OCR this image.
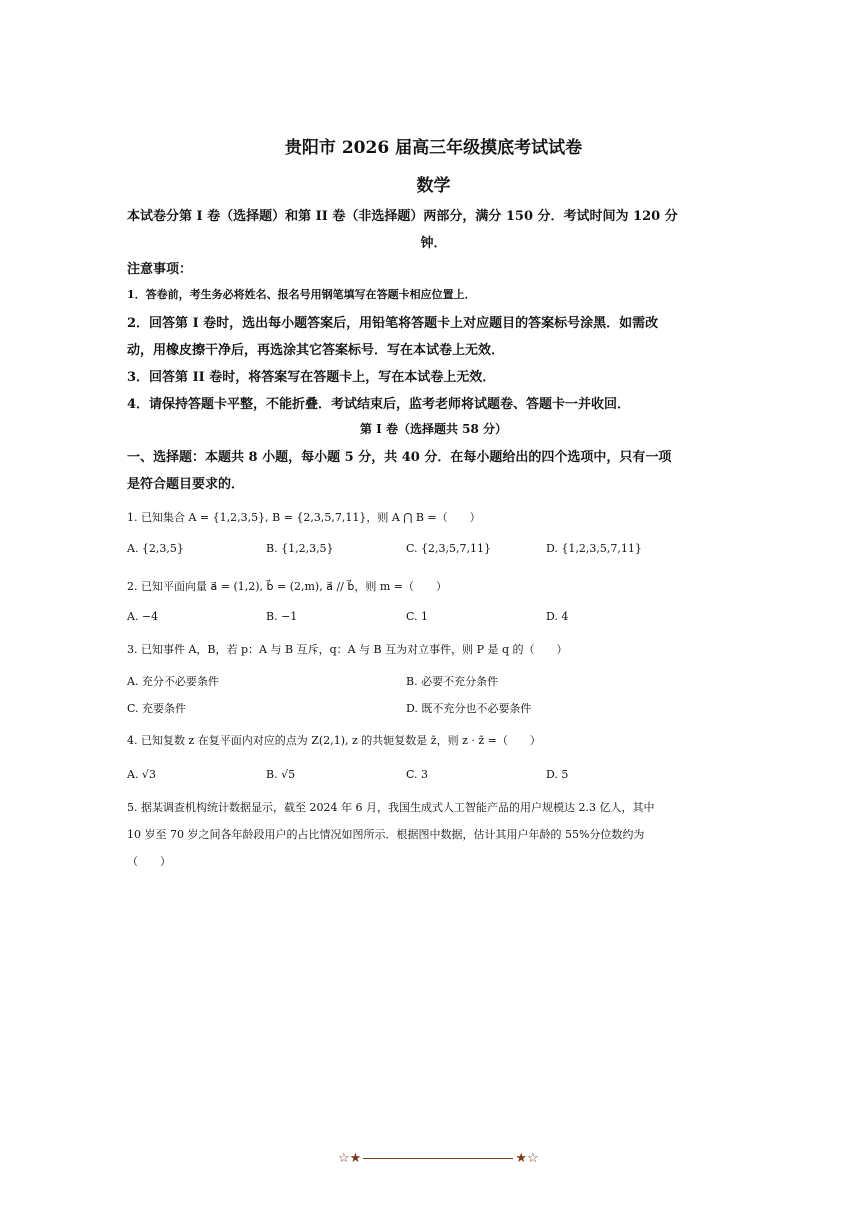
贵阳市 2026 届高三年级摸底考试试卷
数学
本试卷分第 I 卷（选择题）和第 II 卷（非选择题）两部分，满分 150 分．考试时间为 120 分
钟．
注意事项：
1．答卷前，考生务必将姓名、报名号用钢笔填写在答题卡相应位置上．
2．回答第 I 卷时，选出每小题答案后，用铅笔将答题卡上对应题目的答案标号涂黑．如需改
动，用橡皮擦干净后，再选涂其它答案标号．写在本试卷上无效．
3．回答第 II 卷时，将答案写在答题卡上，写在本试卷上无效．
4．请保持答题卡平整，不能折叠．考试结束后，监考老师将试题卷、答题卡一并收回．
第 I 卷（选择题共 58 分）
一、选择题：本题共 8 小题，每小题 5 分，共 40 分．在每小题给出的四个选项中，只有一项
是符合题目要求的．
1. 已知集合 A = {1,2,3,5}, B = {2,3,5,7,11}，则 A ⋂ B =（　　）
A. {2,3,5}	B. {1,2,3,5}	C. {2,3,5,7,11}	D. {1,2,3,5,7,11}
2. 已知平面向量 a⃗ = (1,2), b⃗ = (2,m), a⃗ // b⃗，则 m =（　　）
A. −4	B. −1	C. 1	D. 4
3. 已知事件 A，B，若 p：A 与 B 互斥，q：A 与 B 互为对立事件，则 P 是 q 的（　　）
A. 充分不必要条件	B. 必要不充分条件
C. 充要条件	D. 既不充分也不必要条件
4. 已知复数 z 在复平面内对应的点为 Z(2,1), z 的共轭复数是 z̄，则 z · z̄ =（　　）
A. √3	B. √5	C. 3	D. 5
5. 据某调查机构统计数据显示，截至 2024 年 6 月，我国生成式人工智能产品的用户规模达 2.3 亿人，其中
10 岁至 70 岁之间各年龄段用户的占比情况如图所示．根据图中数据，估计其用户年龄的 55%分位数约为
（　　）
☆★	★☆
